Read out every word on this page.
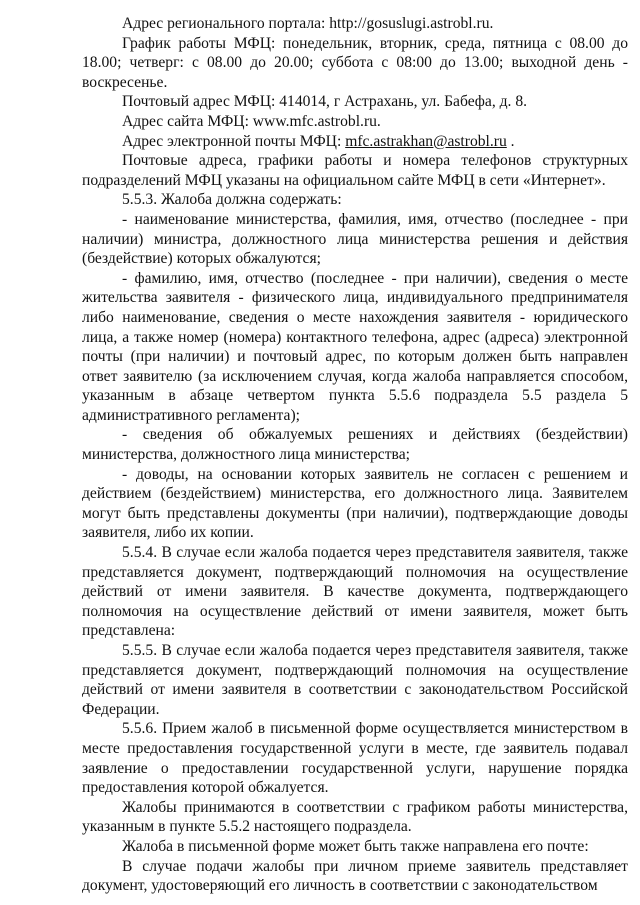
Адрес регионального портала: http://gosuslugi.astrobl.ru.

График работы МФЦ: понедельник, вторник, среда, пятница с 08.00 до 18.00; четверг: с 08.00 до 20.00; суббота с 08:00 до 13.00; выходной день - воскресенье.

Почтовый адрес МФЦ: 414014, г Астрахань, ул. Бабефа, д. 8.

Адрес сайта МФЦ: www.mfc.astrobl.ru.

Адрес электронной почты МФЦ: mfc.astrakhan@astrobl.ru .

Почтовые адреса, графики работы и номера телефонов структурных подразделений МФЦ указаны на официальном сайте МФЦ в сети «Интернет».

5.5.3. Жалоба должна содержать:

- наименование министерства, фамилия, имя, отчество (последнее - при наличии) министра, должностного лица министерства решения и действия (бездействие) которых обжалуются;

- фамилию, имя, отчество (последнее - при наличии), сведения о месте жительства заявителя - физического лица, индивидуального предпринимателя либо наименование, сведения о месте нахождения заявителя - юридического лица, а также номер (номера) контактного телефона, адрес (адреса) электронной почты (при наличии) и почтовый адрес, по которым должен быть направлен ответ заявителю (за исключением случая, когда жалоба направляется способом, указанным в абзаце четвертом пункта 5.5.6 подраздела 5.5 раздела 5 административного регламента);

- сведения об обжалуемых решениях и действиях (бездействии) министерства, должностного лица министерства;

- доводы, на основании которых заявитель не согласен с решением и действием (бездействием) министерства, его должностного лица. Заявителем могут быть представлены документы (при наличии), подтверждающие доводы заявителя, либо их копии.

5.5.4. В случае если жалоба подается через представителя заявителя, также представляется документ, подтверждающий полномочия на осуществление действий от имени заявителя. В качестве документа, подтверждающего полномочия на осуществление действий от имени заявителя, может быть представлена:

5.5.5. В случае если жалоба подается через представителя заявителя, также представляется документ, подтверждающий полномочия на осуществление действий от имени заявителя в соответствии с законодательством Российской Федерации.

5.5.6. Прием жалоб в письменной форме осуществляется министерством в месте предоставления государственной услуги в месте, где заявитель подавал заявление о предоставлении государственной услуги, нарушение порядка предоставления которой обжалуется.

Жалобы принимаются в соответствии с графиком работы министерства, указанным в пункте 5.5.2 настоящего подраздела.

Жалоба в письменной форме может быть также направлена его почте:

В случае подачи жалобы при личном приеме заявитель представляет документ, удостоверяющий его личность в соответствии с законодательством
